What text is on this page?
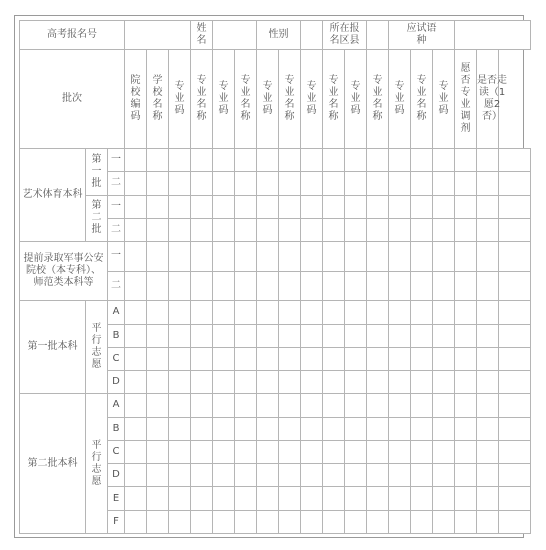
高考报名号						姓名			性别			所在报名区县			应试语种					
批次			院校编码	学校名称	专业码	专业名称	专业码	专业名称	专业码	专业名称	专业码	专业名称	专业码	专业名称	专业码	专业名称	专业码	愿否专业调剂	是否走读（1愿2否）	
艺术体育本科	第一批	一																		
		二																		
	第二批	一																		
		二																		
提前录取军事公安院校（本专科）、师范类本科等		一																		
		二																		
第一批本科	平行志愿	A																		
		B																		
		C																		
		D																		
第二批本科	平行志愿	A																		
		B																		
		C																		
		D																		
		E																		
		F																		
